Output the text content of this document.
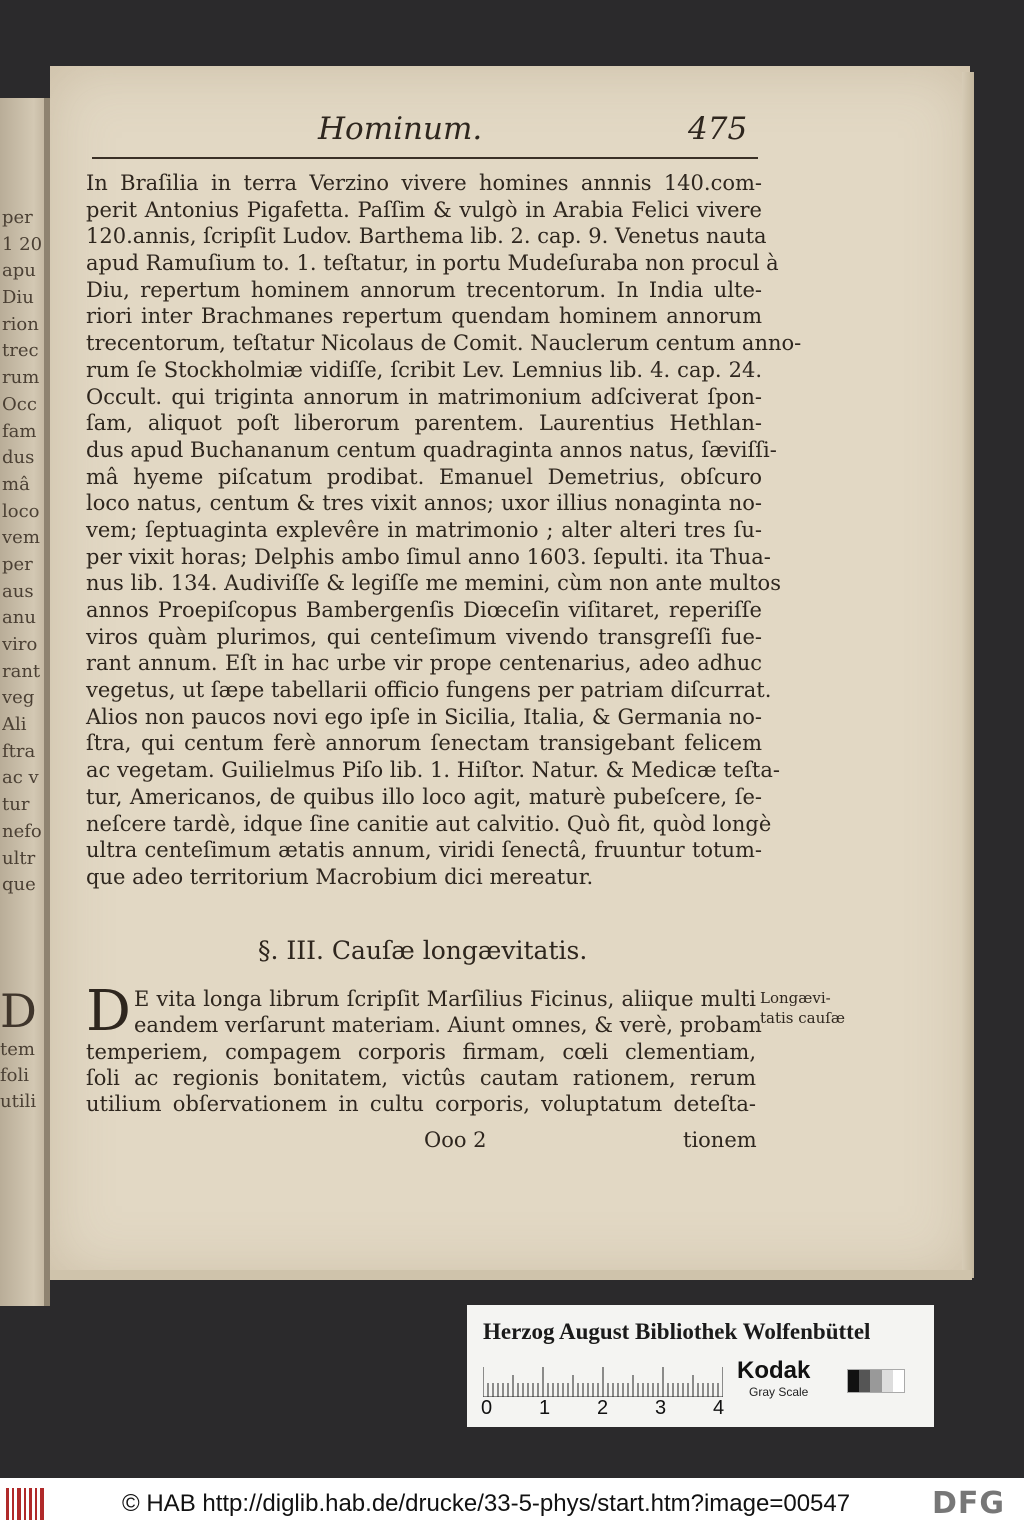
per
1 20
apu
Diu
rion
trec
rum
Occ
fam
dus
mâ
loco
vem
per
aus
anu
viro
rant
veg
Ali
ftra
ac v
tur
nefo
ultr
que
D
tem
foli
utili
Hominum.	475
In Braſilia in terra Verzino vivere homines annnis 140.com-
perit Antonius Pigafetta. Paſſim & vulgò in Arabia Felici vivere
120.annis, ſcripſit Ludov. Barthema lib. 2. cap. 9. Venetus nauta
apud Ramuſium to. 1. teſtatur, in portu Mudeſuraba non procul à
Diu, repertum hominem annorum trecentorum. In India ulte-
riori inter Brachmanes repertum quendam hominem annorum
trecentorum, teſtatur Nicolaus de Comit. Nauclerum centum anno-
rum ſe Stockholmiæ vidiſſe, ſcribit Lev. Lemnius lib. 4. cap. 24.
Occult. qui triginta annorum in matrimonium adſciverat ſpon-
ſam, aliquot poſt liberorum parentem. Laurentius Hethlan-
dus apud Buchananum centum quadraginta annos natus, ſæviſſi-
mâ hyeme piſcatum prodibat. Emanuel Demetrius, obſcuro
loco natus, centum & tres vixit annos; uxor illius nonaginta no-
vem; ſeptuaginta explevêre in matrimonio ; alter alteri tres ſu-
per vixit horas; Delphis ambo ſimul anno 1603. ſepulti. ita Thua-
nus lib. 134. Audiviſſe & legiſſe me memini, cùm non ante multos
annos Proepiſcopus Bambergenſis Diœceſin viſitaret, reperiſſe
viros quàm plurimos, qui centeſimum vivendo transgreſſi fue-
rant annum. Eſt in hac urbe vir prope centenarius, adeo adhuc
vegetus, ut ſæpe tabellarii officio fungens per patriam diſcurrat.
Alios non paucos novi ego ipſe in Sicilia, Italia, & Germania no-
ſtra, qui centum ferè annorum ſenectam transigebant felicem
ac vegetam. Guilielmus Piſo lib. 1. Hiſtor. Natur. & Medicæ teſta-
tur, Americanos, de quibus illo loco agit, maturè pubeſcere, ſe-
neſcere tardè, idque ſine canitie aut calvitio. Quò fit, quòd longè
ultra centeſimum ætatis annum, viridi ſenectâ, fruuntur totum-
que adeo territorium Macrobium dici mereatur.
§. III. Cauſæ longævitatis.
D E vita longa librum ſcripſit Marſilius Ficinus, aliique multi
eandem verſarunt materiam. Aiunt omnes, & verè, probam
temperiem, compagem corporis firmam, cœli clementiam,
ſoli ac regionis bonitatem, victûs cautam rationem, rerum
utilium obſervationem in cultu corporis, voluptatum deteſta-
Longævi-
tatis cauſæ
Ooo 2	tionem
Herzog August Bibliothek Wolfenbüttel
0 1 2 3 4
Kodak
Gray Scale
© HAB http://diglib.hab.de/drucke/33-5-phys/start.htm?image=00547	DFG
